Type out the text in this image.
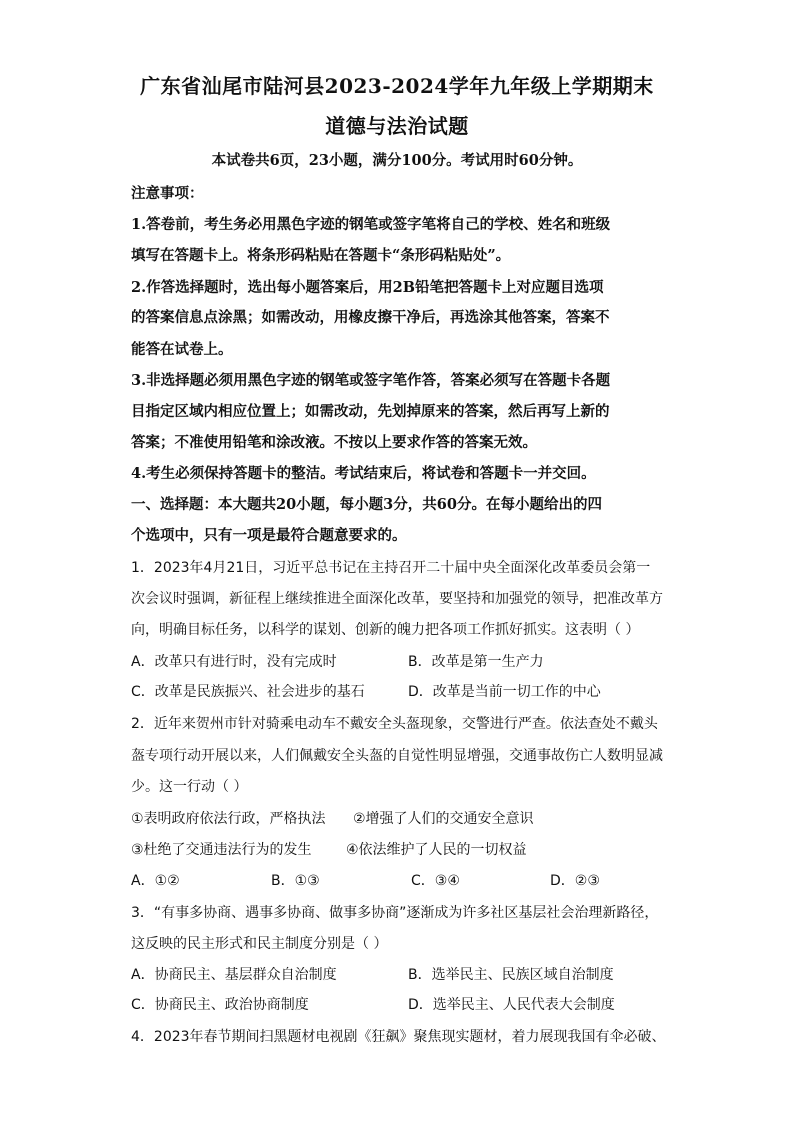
广东省汕尾市陆河县2023-2024学年九年级上学期期末
道德与法治试题
本试卷共6页，23小题，满分100分。考试用时60分钟。
注意事项：
1.答卷前，考生务必用黑色字迹的钢笔或签字笔将自己的学校、姓名和班级
填写在答题卡上。将条形码粘贴在答题卡“条形码粘贴处”。
2.作答选择题时，选出每小题答案后，用2B铅笔把答题卡上对应题目选项
的答案信息点涂黑；如需改动，用橡皮擦干净后，再选涂其他答案，答案不
能答在试卷上。
3.非选择题必须用黑色字迹的钢笔或签字笔作答，答案必须写在答题卡各题
目指定区域内相应位置上；如需改动，先划掉原来的答案，然后再写上新的
答案；不准使用铅笔和涂改液。不按以上要求作答的答案无效。
4.考生必须保持答题卡的整洁。考试结束后，将试卷和答题卡一并交回。
一、选择题：本大题共20小题，每小题3分，共60分。在每小题给出的四
个选项中，只有一项是最符合题意要求的。
1．2023年4月21日，习近平总书记在主持召开二十届中央全面深化改革委员会第一
次会议时强调，新征程上继续推进全面深化改革，要坚持和加强党的领导，把准改革方
向，明确目标任务，以科学的谋划、创新的魄力把各项工作抓好抓实。这表明（ ）
A．改革只有进行时，没有完成时	B．改革是第一生产力
C．改革是民族振兴、社会进步的基石	D．改革是当前一切工作的中心
2．近年来贺州市针对骑乘电动车不戴安全头盔现象，交警进行严查。依法查处不戴头
盔专项行动开展以来，人们佩戴安全头盔的自觉性明显增强，交通事故伤亡人数明显减
少。这一行动（ ）
①表明政府依法行政，严格执法 ②增强了人们的交通安全意识
③杜绝了交通违法行为的发生 ④依法维护了人民的一切权益
A．①②	B．①③	C．③④	D．②③
3．“有事多协商、遇事多协商、做事多协商”逐渐成为许多社区基层社会治理新路径，
这反映的民主形式和民主制度分别是（ ）
A．协商民主、基层群众自治制度	B．选举民主、民族区域自治制度
C．协商民主、政治协商制度	D．选举民主、人民代表大会制度
4．2023年春节期间扫黑题材电视剧《狂飙》聚焦现实题材，着力展现我国有伞必破、
